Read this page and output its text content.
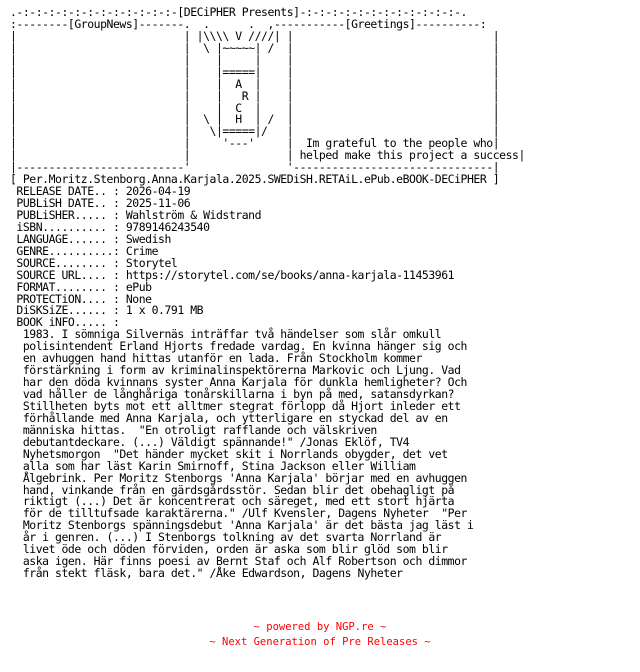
.-:-:-:-:-:-:-:-:-:-:-:-:-[DECiPHER Presents]-:-:-:-:-:-:-:-:-:-:-:-:-.
:--------[GroupNews]-------.  .      .  ,-----------[Greetings]----------:
|                          | |\\\\ V ////| |                               |
|                          |  \ |~~~~~| /  |                               |
|                          |    |     |    |                               |
|                          |    |=====|    |                               |
|                          |    |  A  |    |                               |
|                          |    |   R |    |                               |
|                          |    |  C  |    |                               |
|                          |  \ |  H  | /  |                               |
|                          |   \|=====|/   |                               |
|                          |     '---'     |  Im grateful to the people who|
|                          |               | helped make this project a success|
|--------------------------'               '-------------------------------|
[ Per.Moritz.Stenborg.Anna.Karjala.2025.SWEDiSH.RETAiL.ePub.eBOOK-DECiPHER ]
RELEASE DATE.. : 2026-04-19
PUBLiSH DATE.. : 2025-11-06
PUBLiSHER..... : Wahlström & Widstrand
iSBN.......... : 9789146243540
LANGUAGE...... : Swedish
GENRE..........: Crime
SOURCE........ : Storytel
SOURCE URL.... : https://storytel.com/se/books/anna-karjala-11453961
FORMAT........ : ePub
PROTECTiON.... : None
DiSKSiZE...... : 1 x 0.791 MB
BOOK iNFO..... :
1983. I sömniga Silvernäs inträffar två händelser som slår omkull
polisintendent Erland Hjorts fredade vardag. En kvinna hänger sig och
en avhuggen hand hittas utanför en lada. Från Stockholm kommer
förstärkning i form av kriminalinspektörerna Markovic och Ljung. Vad
har den döda kvinnans syster Anna Karjala för dunkla hemligheter? Och
vad håller de långhåriga tonårskillarna i byn på med, satansdyrkan?
Stillheten byts mot ett alltmer stegrat förlopp då Hjort inleder ett
förhållande med Anna Karjala, och ytterligare en styckad del av en
människa hittas.  "En otroligt rafflande och välskriven
debutantdeckare. (...) Väldigt spännande!" /Jonas Eklöf, TV4
Nyhetsmorgon  "Det händer mycket skit i Norrlands obygder, det vet
alla som har läst Karin Smirnoff, Stina Jackson eller William
Ålgebrink. Per Moritz Stenborgs 'Anna Karjala' börjar med en avhuggen
hand, vinkande från en gärdsgårdsstör. Sedan blir det obehagligt på
riktigt (...) Det är koncentrerat och säreget, med ett stort hjärta
för de tilltufsade karaktärerna." /Ulf Kvensler, Dagens Nyheter  "Per
Moritz Stenborgs spänningsdebut 'Anna Karjala' är det bästa jag läst i
år i genren. (...) I Stenborgs tolkning av det svarta Norrland är
livet öde och döden förviden, orden är aska som blir glöd som blir
aska igen. Här finns poesi av Bernt Staf och Alf Robertson och dimmor
från stekt fläsk, bara det." /Åke Edwardson, Dagens Nyheter
~ powered by NGP.re ~
~ Next Generation of Pre Releases ~
